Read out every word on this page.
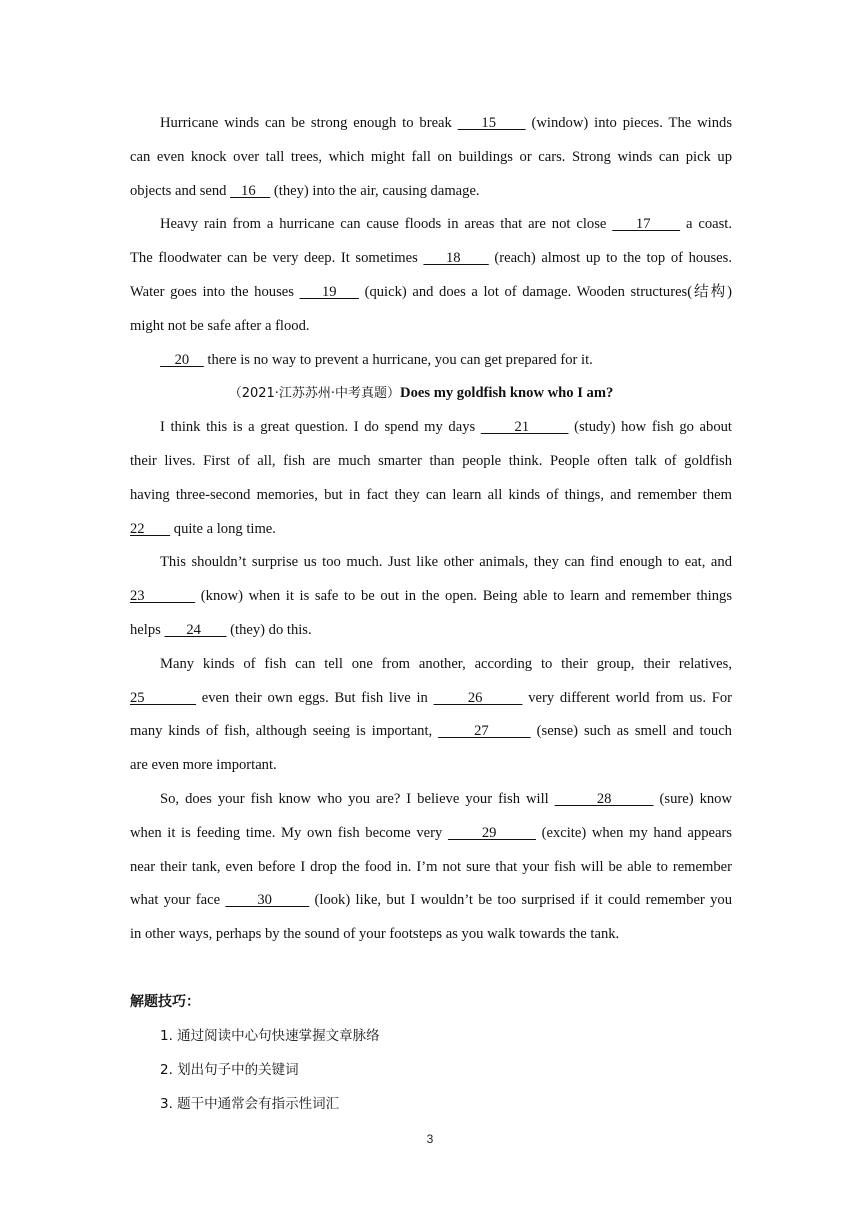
Hurricane winds can be strong enough to break     15      (window) into pieces. The winds
can even knock over tall trees, which might fall on buildings or cars. Strong winds can pick up
objects and send    16     (they) into the air, causing damage.
Heavy rain from a hurricane can cause floods in areas that are not close     17      a coast.
The floodwater can be very deep. It sometimes     18      (reach) almost up to the top of houses.
Water goes into the houses     19     (quick) and does a lot of damage. Wooden structures(结构)
might not be safe after a flood.
20     there is no way to prevent a hurricane, you can get prepared for it.
（2021·江苏苏州·中考真题）Does my goldfish know who I am?
I think this is a great question. I do spend my days       21        (study) how fish go about
their lives. First of all, fish are much smarter than people think. People often talk of goldfish
having three-second memories, but in fact they can learn all kinds of things, and remember them
22        quite a long time.
This shouldn’t surprise us too much. Just like other animals, they can find enough to eat, and
23          (know) when it is safe to be out in the open. Being able to learn and remember things
helps       24        (they) do this.
Many kinds of fish can tell one from another, according to their group, their relatives,
25          even their own eggs. But fish live in       26        very different world from us. For
many kinds of fish, although seeing is important,       27        (sense) such as smell and touch
are even more important.
So, does your fish know who you are? I believe your fish will        28        (sure) know
when it is feeding time. My own fish become very       29        (excite) when my hand appears
near their tank, even before I drop the food in. I’m not sure that your fish will be able to remember
what your face       30        (look) like, but I wouldn’t be too surprised if it could remember you
in other ways, perhaps by the sound of your footsteps as you walk towards the tank.
解题技巧：
1. 通过阅读中心句快速掌握文章脉络
2. 划出句子中的关键词
3. 题干中通常会有指示性词汇
3
